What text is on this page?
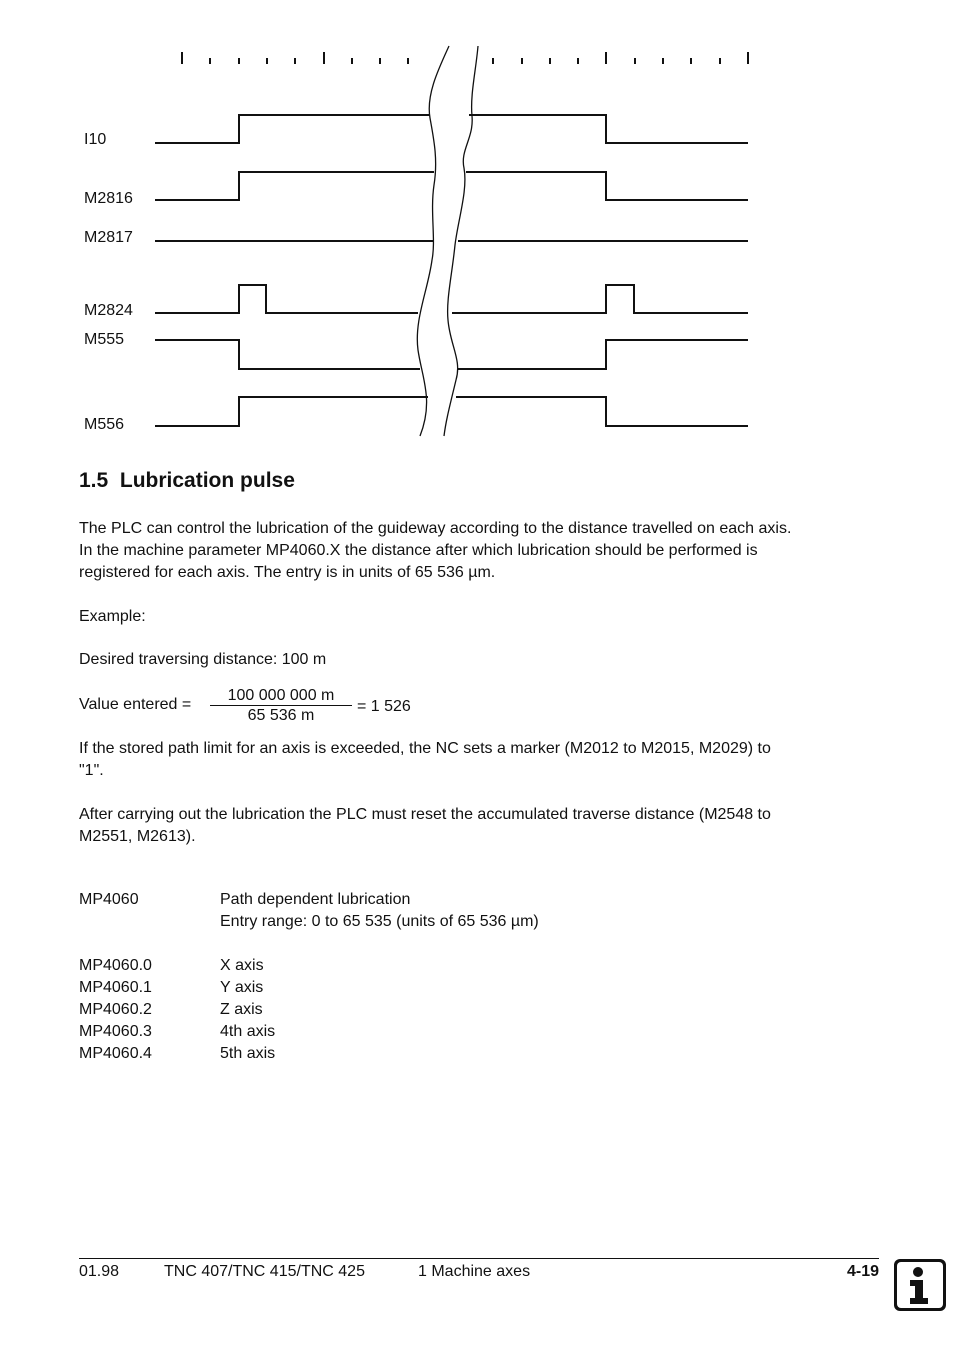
I10
M2816
M2817
M2824
M555
M556
1.5 Lubrication pulse
The PLC can control the lubrication of the guideway according to the distance travelled on each axis.
In the machine parameter MP4060.X the distance after which lubrication should be performed is
registered for each axis. The entry is in units of 65 536 µm.
Example:
Desired traversing distance: 100 m
Value entered =
100 000 000 m
65 536 m
= 1 526
If the stored path limit for an axis is exceeded, the NC sets a marker (M2012 to M2015, M2029) to
"1".
After carrying out the lubrication the PLC must reset the accumulated traverse distance (M2548 to
M2551, M2613).
MP4060	Path dependent lubrication
Entry range: 0 to 65 535 (units of 65 536 µm)
MP4060.0	X axis
MP4060.1	Y axis
MP4060.2	Z axis
MP4060.3	4th axis
MP4060.4	5th axis
01.98	TNC 407/TNC 415/TNC 425	1 Machine axes	4-19
